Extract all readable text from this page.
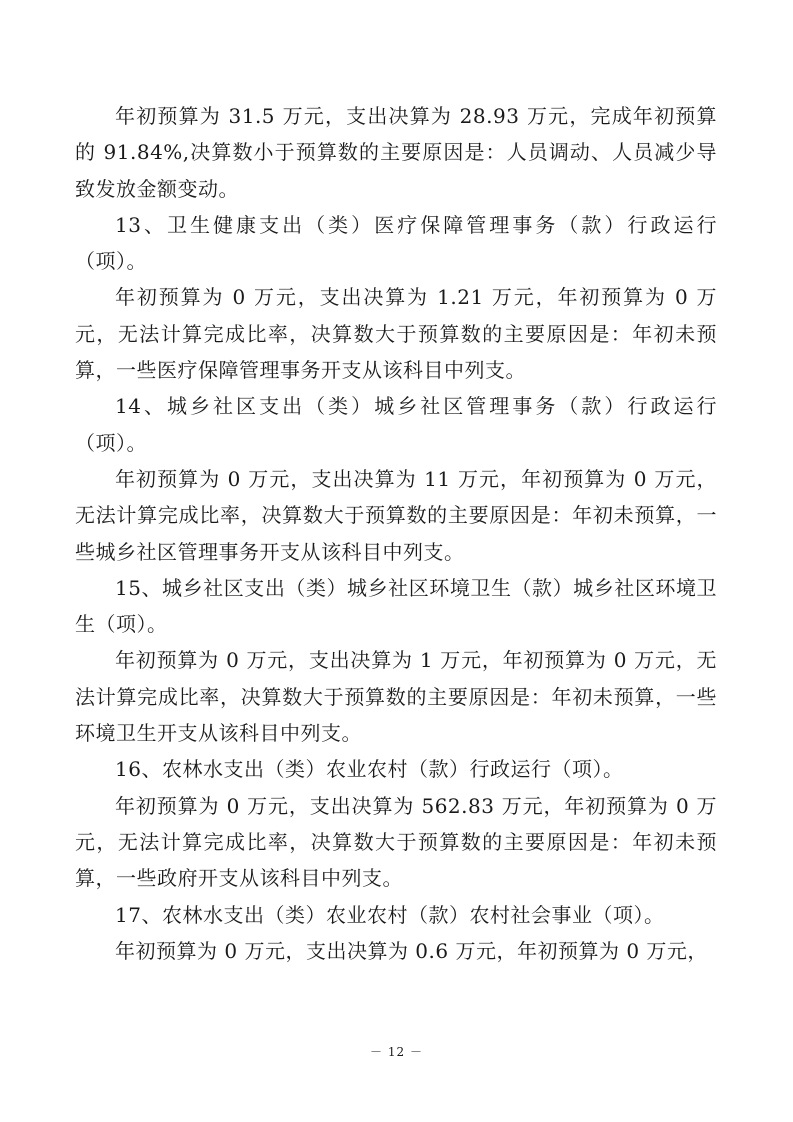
年初预算为 31.5 万元，支出决算为 28.93 万元，完成年初预算的 91.84%,决算数小于预算数的主要原因是：人员调动、人员减少导致发放金额变动。

13、卫生健康支出（类）医疗保障管理事务（款）行政运行（项）。

年初预算为 0 万元，支出决算为 1.21 万元，年初预算为 0 万元，无法计算完成比率，决算数大于预算数的主要原因是：年初未预算，一些医疗保障管理事务开支从该科目中列支。

14、城乡社区支出（类）城乡社区管理事务（款）行政运行（项）。

年初预算为 0 万元，支出决算为 11 万元，年初预算为 0 万元，无法计算完成比率，决算数大于预算数的主要原因是：年初未预算，一些城乡社区管理事务开支从该科目中列支。

15、城乡社区支出（类）城乡社区环境卫生（款）城乡社区环境卫生（项）。

年初预算为 0 万元，支出决算为 1 万元，年初预算为 0 万元，无法计算完成比率，决算数大于预算数的主要原因是：年初未预算，一些环境卫生开支从该科目中列支。

16、农林水支出（类）农业农村（款）行政运行（项）。

年初预算为 0 万元，支出决算为 562.83 万元，年初预算为 0 万元，无法计算完成比率，决算数大于预算数的主要原因是：年初未预算，一些政府开支从该科目中列支。

17、农林水支出（类）农业农村（款）农村社会事业（项）。

年初预算为 0 万元，支出决算为 0.6 万元，年初预算为 0 万元，

－ 12 －
